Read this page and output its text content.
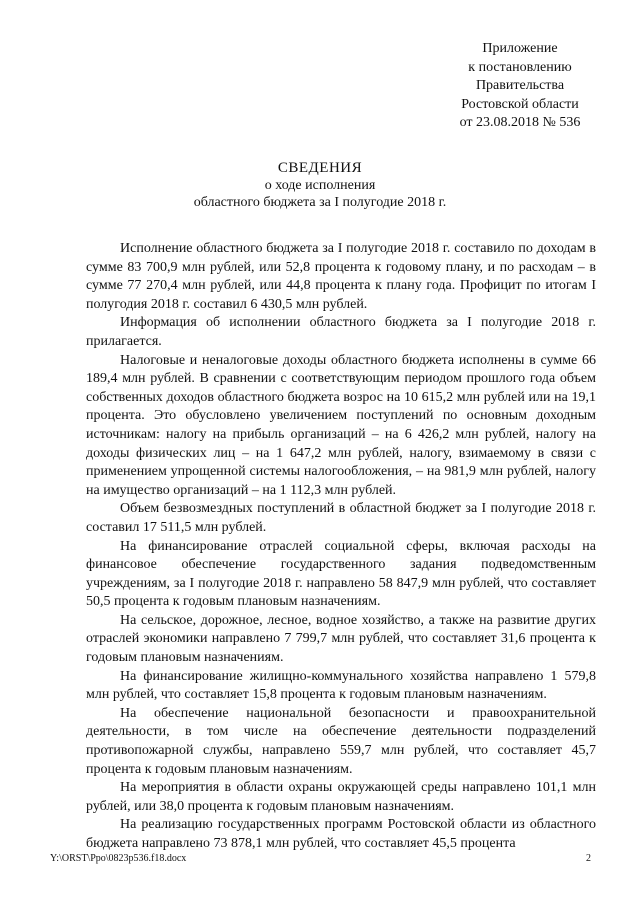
Приложение
к постановлению
Правительства
Ростовской области
от 23.08.2018 № 536
СВЕДЕНИЯ
о ходе исполнения
областного бюджета за I полугодие 2018 г.

Исполнение областного бюджета за I полугодие 2018 г. составило по доходам в сумме 83 700,9 млн рублей, или 52,8 процента к годовому плану, и по расходам – в сумме 77 270,4 млн рублей, или 44,8 процента к плану года. Профицит по итогам I полугодия 2018 г. составил 6 430,5 млн рублей.

Информация об исполнении областного бюджета за I полугодие 2018 г. прилагается.

Налоговые и неналоговые доходы областного бюджета исполнены в сумме 66 189,4 млн рублей. В сравнении с соответствующим периодом прошлого года объем собственных доходов областного бюджета возрос на 10 615,2 млн рублей или на 19,1 процента. Это обусловлено увеличением поступлений по основным доходным источникам: налогу на прибыль организаций – на 6 426,2 млн рублей, налогу на доходы физических лиц – на 1 647,2 млн рублей, налогу, взимаемому в связи с применением упрощенной системы налогообложения, – на 981,9 млн рублей, налогу на имущество организаций – на 1 112,3 млн рублей.

Объем безвозмездных поступлений в областной бюджет за I полугодие 2018 г. составил 17 511,5 млн рублей.

На финансирование отраслей социальной сферы, включая расходы на финансовое обеспечение государственного задания подведомственным учреждениям, за I полугодие 2018 г. направлено 58 847,9 млн рублей, что составляет 50,5 процента к годовым плановым назначениям.

На сельское, дорожное, лесное, водное хозяйство, а также на развитие других отраслей экономики направлено 7 799,7 млн рублей, что составляет 31,6 процента к годовым плановым назначениям.

На финансирование жилищно-коммунального хозяйства направлено 1 579,8 млн рублей, что составляет 15,8 процента к годовым плановым назначениям.

На обеспечение национальной безопасности и правоохранительной деятельности, в том числе на обеспечение деятельности подразделений противопожарной службы, направлено 559,7 млн рублей, что составляет 45,7 процента к годовым плановым назначениям.

На мероприятия в области охраны окружающей среды направлено 101,1 млн рублей, или 38,0 процента к годовым плановым назначениям.

На реализацию государственных программ Ростовской области из областного бюджета направлено 73 878,1 млн рублей, что составляет 45,5 процента

Y:\ORST\Ppo\0823p536.f18.docx	2
